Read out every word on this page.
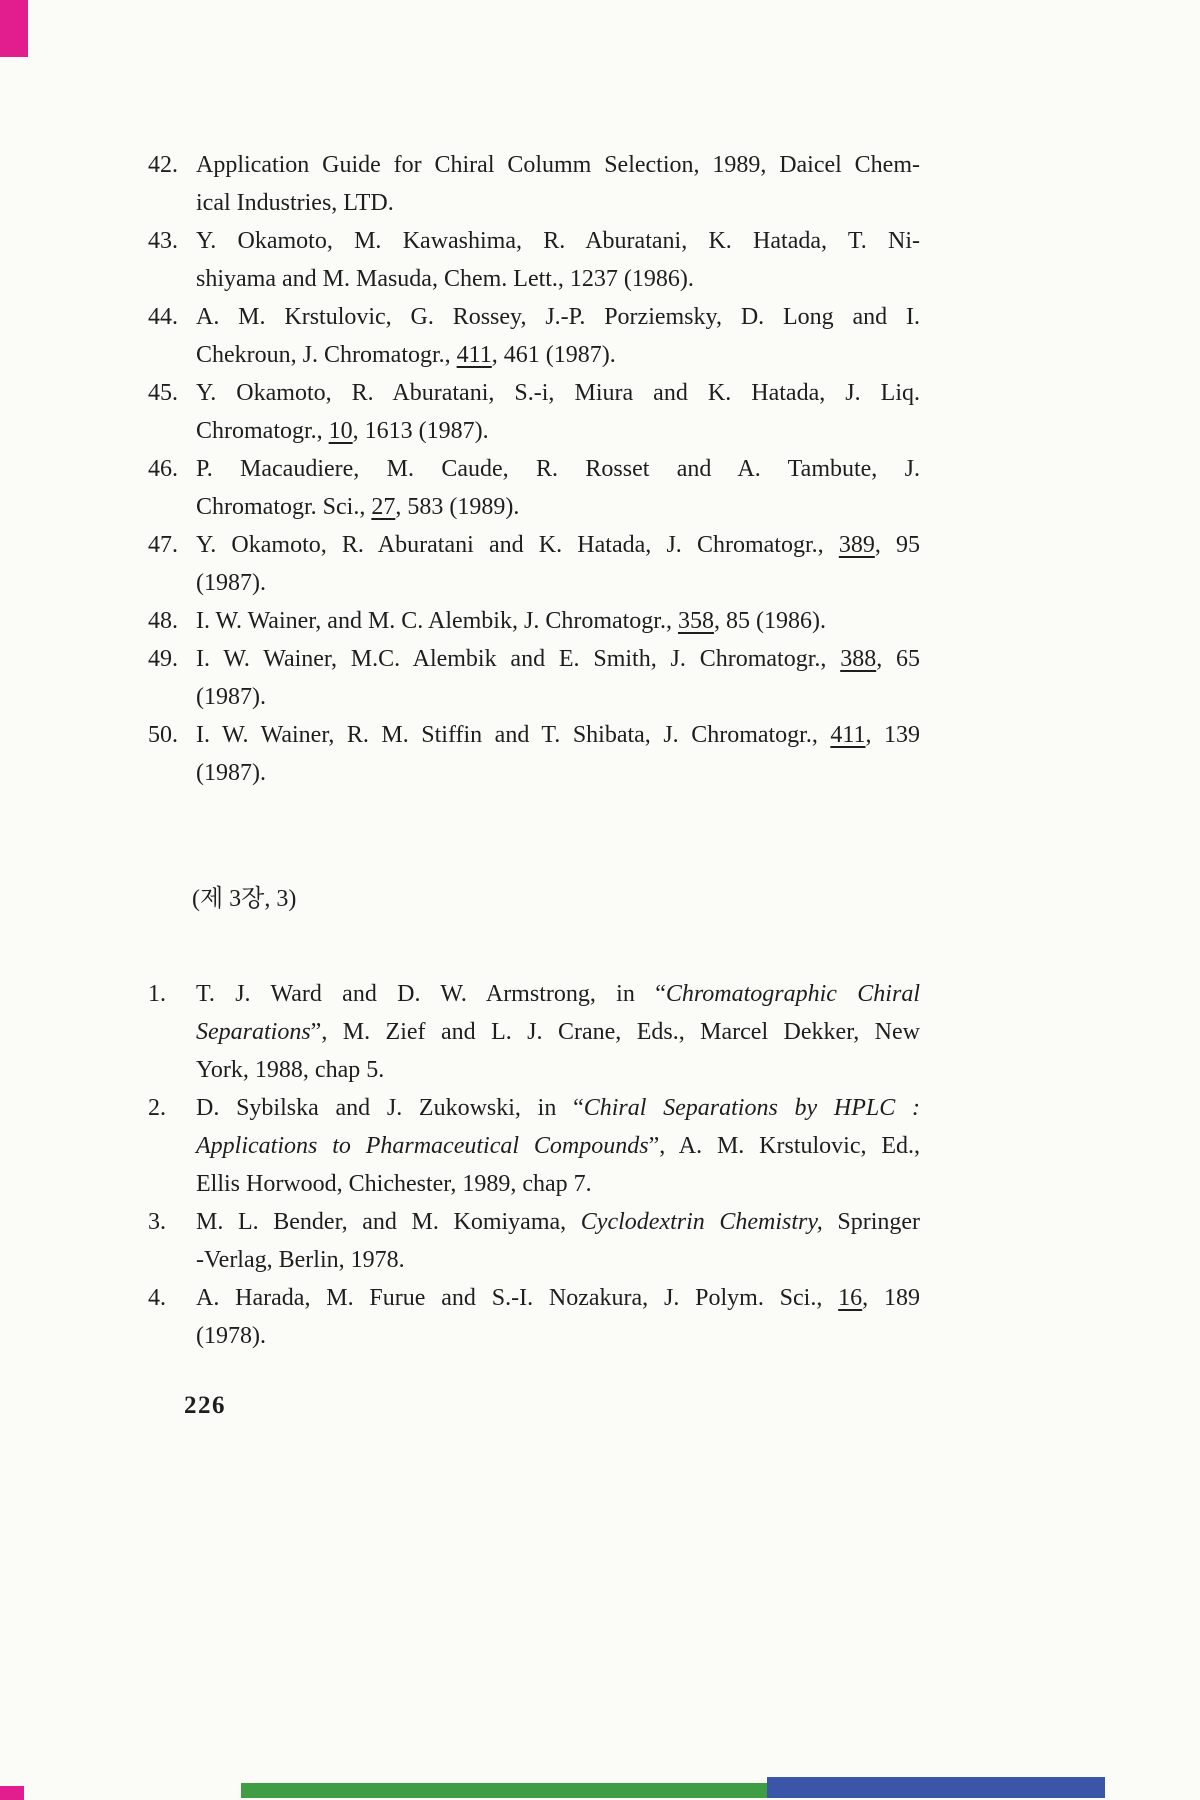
42. Application Guide for Chiral Columm Selection, 1989, Daicel Chem-
ical Industries, LTD.
43. Y. Okamoto, M. Kawashima, R. Aburatani, K. Hatada, T. Ni-
shiyama and M. Masuda, Chem. Lett., 1237 (1986).
44. A. M. Krstulovic, G. Rossey, J.-P. Porziemsky, D. Long and I.
Chekroun, J. Chromatogr., 411, 461 (1987).
45. Y. Okamoto, R. Aburatani, S.-i, Miura and K. Hatada, J. Liq.
Chromatogr., 10, 1613 (1987).
46. P. Macaudiere, M. Caude, R. Rosset and A. Tambute, J.
Chromatogr. Sci., 27, 583 (1989).
47. Y. Okamoto, R. Aburatani and K. Hatada, J. Chromatogr., 389, 95
(1987).
48. I. W. Wainer, and M. C. Alembik, J. Chromatogr., 358, 85 (1986).
49. I. W. Wainer, M.C. Alembik and E. Smith, J. Chromatogr., 388, 65
(1987).
50. I. W. Wainer, R. M. Stiffin and T. Shibata, J. Chromatogr., 411, 139
(1987).
(제 3장, 3)
1. T. J. Ward and D. W. Armstrong, in “Chromatographic Chiral
Separations”, M. Zief and L. J. Crane, Eds., Marcel Dekker, New
York, 1988, chap 5.
2. D. Sybilska and J. Zukowski, in “Chiral Separations by HPLC :
Applications to Pharmaceutical Compounds”, A. M. Krstulovic, Ed.,
Ellis Horwood, Chichester, 1989, chap 7.
3. M. L. Bender, and M. Komiyama, Cyclodextrin Chemistry, Springer
-Verlag, Berlin, 1978.
4. A. Harada, M. Furue and S.-I. Nozakura, J. Polym. Sci., 16, 189
(1978).
226
